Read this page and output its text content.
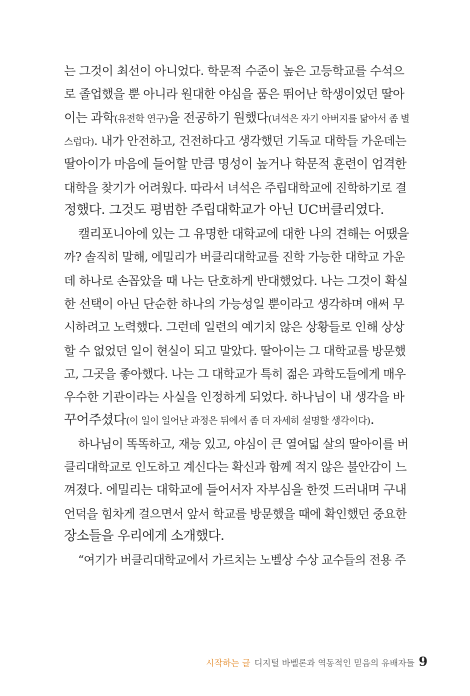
는 그것이 최선이 아니었다. 학문적 수준이 높은 고등학교를 수석으
로 졸업했을 뿐 아니라 원대한 야심을 품은 뛰어난 학생이었던 딸아
이는 과학(유전학 연구)을 전공하기 원했다(녀석은 자기 아버지를 닮아서 좀 별
스럽다). 내가 안전하고, 건전하다고 생각했던 기독교 대학들 가운데는
딸아이가 마음에 들어할 만큼 명성이 높거나 학문적 훈련이 엄격한
대학을 찾기가 어려웠다. 따라서 녀석은 주립대학교에 진학하기로 결
정했다. 그것도 평범한 주립대학교가 아닌 UC버클리였다.
캘리포니아에 있는 그 유명한 대학교에 대한 나의 견해는 어땠을
까? 솔직히 말해, 에밀리가 버클리대학교를 진학 가능한 대학교 가운
데 하나로 손꼽았을 때 나는 단호하게 반대했었다. 나는 그것이 확실
한 선택이 아닌 단순한 하나의 가능성일 뿐이라고 생각하며 애써 무
시하려고 노력했다. 그런데 일련의 예기치 않은 상황들로 인해 상상
할 수 없었던 일이 현실이 되고 말았다. 딸아이는 그 대학교를 방문했
고, 그곳을 좋아했다. 나는 그 대학교가 특히 젊은 과학도들에게 매우
우수한 기관이라는 사실을 인정하게 되었다. 하나님이 내 생각을 바
꾸어주셨다(이 일이 일어난 과정은 뒤에서 좀 더 자세히 설명할 생각이다).
하나님이 똑똑하고, 재능 있고, 야심이 큰 열여덟 살의 딸아이를 버
클리대학교로 인도하고 계신다는 확신과 함께 적지 않은 불안감이 느
껴졌다. 에밀리는 대학교에 들어서자 자부심을 한껏 드러내며 구내
언덕을 힘차게 걸으면서 앞서 학교를 방문했을 때에 확인했던 중요한
장소들을 우리에게 소개했다.
“여기가 버클리대학교에서 가르치는 노벨상 수상 교수들의 전용 주
시작하는 글 디지털 바벨론과 역동적인 믿음의 유배자들 9
